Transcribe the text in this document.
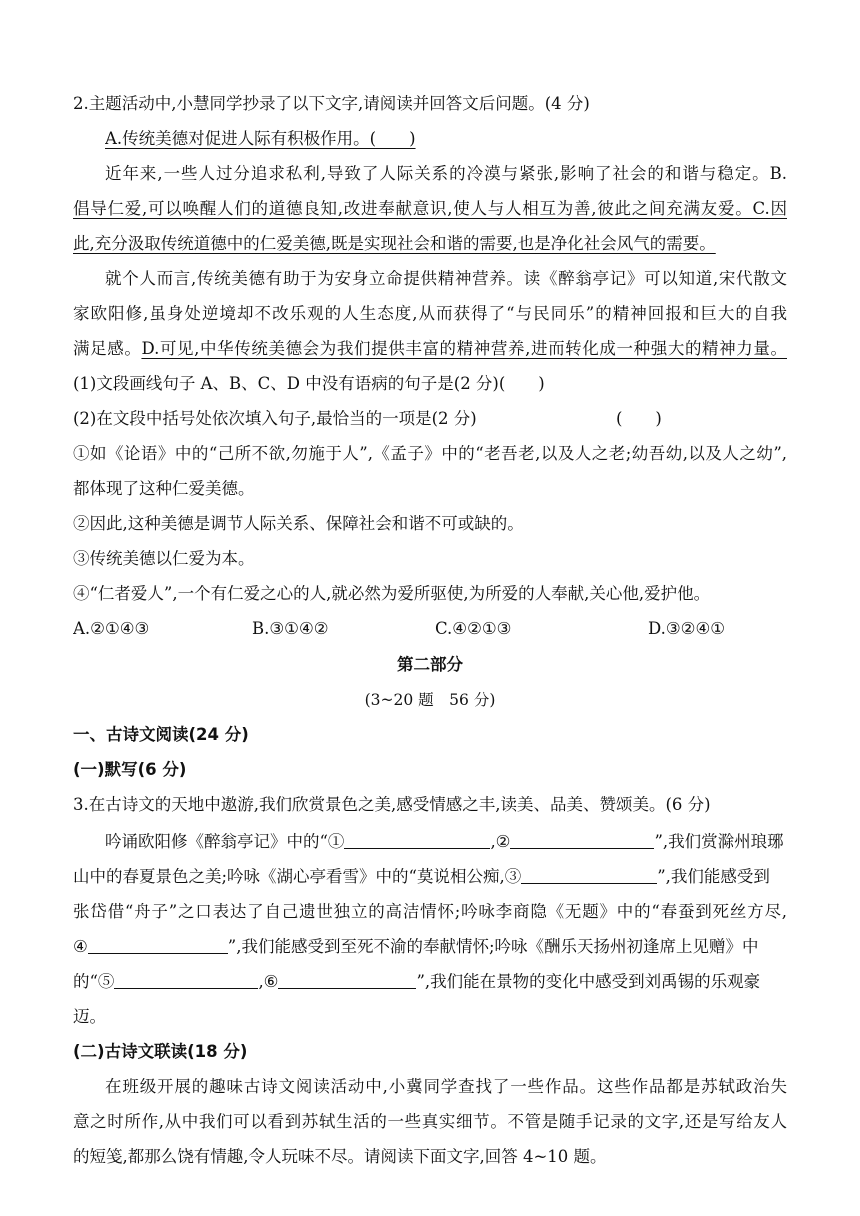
2.主题活动中,小慧同学抄录了以下文字,请阅读并回答文后问题。(4 分)
A.传统美德对促进人际有积极作用。(　　)
近年来,一些人过分追求私利,导致了人际关系的冷漠与紧张,影响了社会的和谐与稳定。B.
倡导仁爱,可以唤醒人们的道德良知,改进奉献意识,使人与人相互为善,彼此之间充满友爱。C.因
此,充分汲取传统道德中的仁爱美德,既是实现社会和谐的需要,也是净化社会风气的需要。
就个人而言,传统美德有助于为安身立命提供精神营养。读《醉翁亭记》可以知道,宋代散文
家欧阳修,虽身处逆境却不改乐观的人生态度,从而获得了“与民同乐”的精神回报和巨大的自我
满足感。D.可见,中华传统美德会为我们提供丰富的精神营养,进而转化成一种强大的精神力量。
(1)文段画线句子 A、B、C、D 中没有语病的句子是(2 分)(　　)
(2)在文段中括号处依次填入句子,最恰当的一项是(2 分)	(　　)
①如《论语》中的“己所不欲,勿施于人”,《孟子》中的“老吾老,以及人之老;幼吾幼,以及人之幼”,
都体现了这种仁爱美德。
②因此,这种美德是调节人际关系、保障社会和谐不可或缺的。
③传统美德以仁爱为本。
④“仁者爱人”,一个有仁爱之心的人,就必然为爱所驱使,为所爱的人奉献,关心他,爱护他。
A.②①④③	B.③①④②	C.④②①③	D.③②④①
第二部分
(3~20 题　56 分)
一、古诗文阅读(24 分)
(一)默写(6 分)
3.在古诗文的天地中遨游,我们欣赏景色之美,感受情感之丰,读美、品美、赞颂美。(6 分)
吟诵欧阳修《醉翁亭记》中的“①	,②	”,我们赏滁州琅琊
山中的春夏景色之美;吟咏《湖心亭看雪》中的“莫说相公痴,③	”,我们能感受到
张岱借“舟子”之口表达了自己遗世独立的高洁情怀;吟咏李商隐《无题》中的“春蚕到死丝方尽,
④	”,我们能感受到至死不渝的奉献情怀;吟咏《酬乐天扬州初逢席上见赠》中
的“⑤	,⑥	”,我们能在景物的变化中感受到刘禹锡的乐观豪
迈。
(二)古诗文联读(18 分)
在班级开展的趣味古诗文阅读活动中,小冀同学查找了一些作品。这些作品都是苏轼政治失
意之时所作,从中我们可以看到苏轼生活的一些真实细节。不管是随手记录的文字,还是写给友人
的短笺,都那么饶有情趣,令人玩味不尽。请阅读下面文字,回答 4~10 题。
